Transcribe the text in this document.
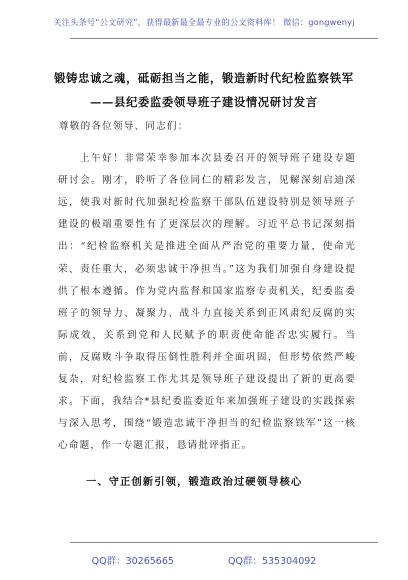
关注头条号“公文研究”，获得最新最全最专业的公文资料库！ 微信：gongwenyj
锻铸忠诚之魂，砥砺担当之能，锻造新时代纪检监察铁军
——县纪委监委领导班子建设情况研讨发言

尊敬的各位领导、同志们：

上午好！非常荣幸参加本次县委召开的领导班子建设专题研讨会。刚才，聆听了各位同仁的精彩发言，见解深刻启迪深远，使我对新时代加强纪检监察干部队伍建设特别是领导班子建设的极端重要性有了更深层次的理解。习近平总书记深刻指出：“纪检监察机关是推进全面从严治党的重要力量，使命光荣、责任重大，必须忠诚干净担当。”这为我们加强自身建设提供了根本遵循。作为党内监督和国家监察专责机关，纪委监委班子的领导力、凝聚力、战斗力直接关系到正风肃纪反腐的实际成效，关系到党和人民赋予的职责使命能否忠实履行。当前，反腐败斗争取得压倒性胜利并全面巩固，但形势依然严峻复杂，对纪检监察工作尤其是领导班子建设提出了新的更高要求。下面，我结合*县纪委监委近年来加强班子建设的实践探索与深入思考，围绕“锻造忠诚干净担当的纪检监察铁军”这一核心命题，作一专题汇报，恳请批评指正。

一、守正创新引领，锻造政治过硬领导核心
QQ群：30265665	QQ群：535304092
